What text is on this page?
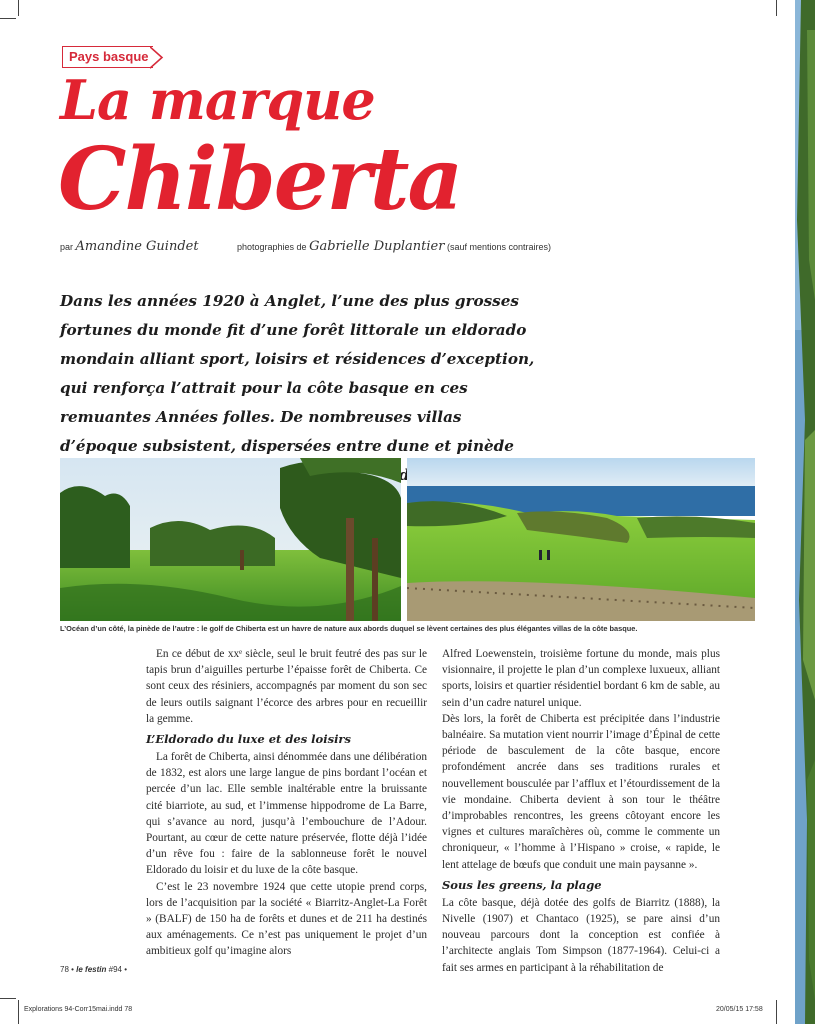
Pays basque
La marque
Chiberta
par Amandine Guindet	photographies de Gabrielle Duplantier (sauf mentions contraires)
Dans les années 1920 à Anglet, l’une des plus grosses fortunes du monde fit d’une forêt littorale un eldorado mondain alliant sport, loisirs et résidences d’exception, qui renforça l’attrait pour la côte basque en ces remuantes Années folles. De nombreuses villas d’époque subsistent, dispersées entre dune et pinède
L’Océan d’un côté, la pinède de l’autre : le golf de Chiberta est un havre de nature aux abords duquel se lèvent certaines des plus élégantes villas de la côte basque.

En ce début de xxᵉ siècle, seul le bruit feutré des pas sur le tapis brun d’aiguilles perturbe l’épaisse forêt de Chiberta. Ce sont ceux des résiniers, accompagnés par moment du son sec de leurs outils saignant l’écorce des arbres pour en recueillir la gemme.

L’Eldorado du luxe et des loisirs

La forêt de Chiberta, ainsi dénommée dans une délibération de 1832, est alors une large langue de pins bordant l’océan et percée d’un lac. Elle semble inaltérable entre la bruissante cité biarriote, au sud, et l’immense hippodrome de La Barre, qui s’avance au nord, jusqu’à l’embouchure de l’Adour. Pourtant, au cœur de cette nature préservée, flotte déjà l’idée d’un rêve fou : faire de la sablonneuse forêt le nouvel Eldorado du loisir et du luxe de la côte basque.

C’est le 23 novembre 1924 que cette utopie prend corps, lors de l’acquisition par la société « Biarritz-Anglet-La Forêt » (BALF) de 150 ha de forêts et dunes et de 211 ha destinés aux aménagements. Ce n’est pas uniquement le projet d’un ambitieux golf qu’imagine alors

Alfred Loewenstein, troisième fortune du monde, mais plus visionnaire, il projette le plan d’un complexe luxueux, alliant sports, loisirs et quartier résidentiel bordant 6 km de sable, au sein d’un cadre naturel unique.

Dès lors, la forêt de Chiberta est précipitée dans l’industrie balnéaire. Sa mutation vient nourrir l’image d’Épinal de cette période de basculement de la côte basque, encore profondément ancrée dans ses traditions rurales et nouvellement bousculée par l’afflux et l’étourdissement de la vie mondaine. Chiberta devient à son tour le théâtre d’improbables rencontres, les greens côtoyant encore les vignes et cultures maraîchères où, comme le commente un chroniqueur, « l’homme à l’Hispano » croise, « rapide, le lent attelage de bœufs que conduit une main paysanne ».

Sous les greens, la plage

La côte basque, déjà dotée des golfs de Biarritz (1888), la Nivelle (1907) et Chantaco (1925), se pare ainsi d’un nouveau parcours dont la conception est confiée à l’architecte anglais Tom Simpson (1877-1964). Celui-ci a fait ses armes en participant à la réhabilitation de

78 • le festin #94 •
Explorations 94-Corr15mai.indd 78	20/05/15 17:58
